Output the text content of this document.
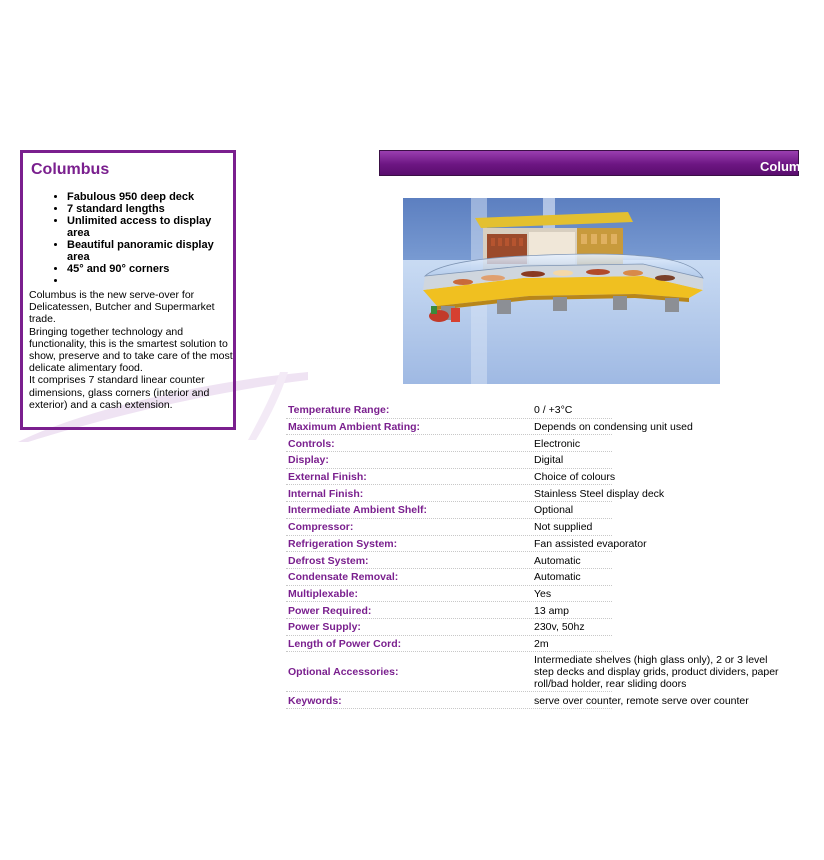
Columbus
• Fabulous 950 deep deck
• 7 standard lengths
• Unlimited access to display area
• Beautiful panoramic display area
• 45° and 90° corners
•
Columbus is the new serve-over for Delicatessen, Butcher and Supermarket trade.
Bringing together technology and functionality, this is the smartest solution to show, preserve and to take care of the most delicate alimentary food.
It comprises 7 standard linear counter dimensions, glass corners (interior and exterior) and a cash extension.
Columbus
Temperature Range:	0 / +3°C
Maximum Ambient Rating:	Depends on condensing unit used
Controls:	Electronic
Display:	Digital
External Finish:	Choice of colours
Internal Finish:	Stainless Steel display deck
Intermediate Ambient Shelf:	Optional
Compressor:	Not supplied
Refrigeration System:	Fan assisted evaporator
Defrost System:	Automatic
Condensate Removal:	Automatic
Multiplexable:	Yes
Power Required:	13 amp
Power Supply:	230v, 50hz
Length of Power Cord:	2m
Optional Accessories:
Intermediate shelves (high glass only), 2 or 3 level step decks and display grids, product dividers, paper roll/bad holder, rear sliding doors
Keywords:	serve over counter, remote serve over counter
